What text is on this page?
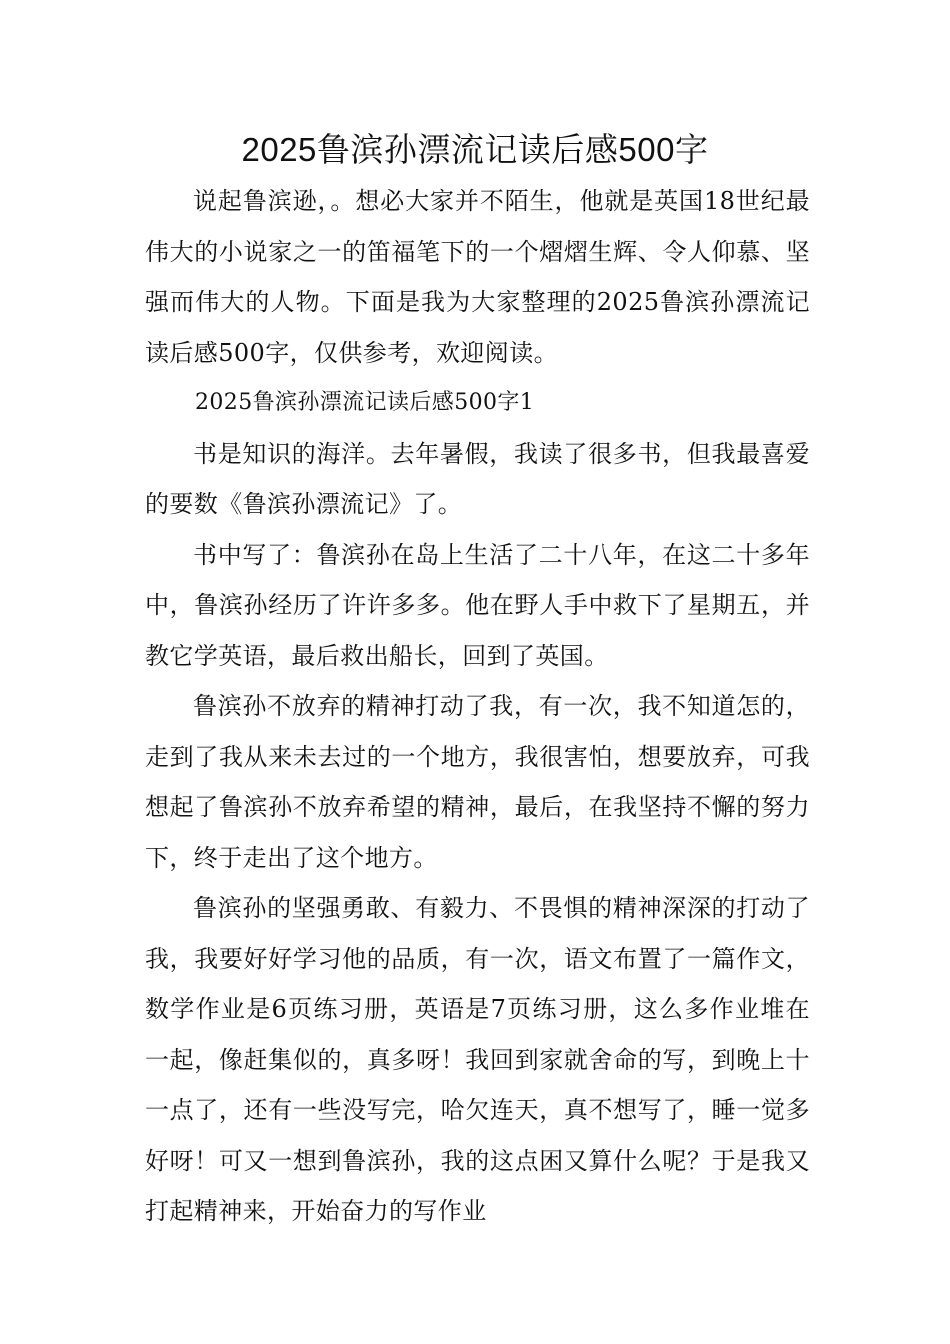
2025鲁滨孙漂流记读后感500字

说起鲁滨逊，。想必大家并不陌生，他就是英国18世纪最伟大的小说家之一的笛福笔下的一个熠熠生辉、令人仰慕、坚强而伟大的人物。下面是我为大家整理的2025鲁滨孙漂流记读后感500字，仅供参考，欢迎阅读。

2025鲁滨孙漂流记读后感500字1

书是知识的海洋。去年暑假，我读了很多书，但我最喜爱的要数《鲁滨孙漂流记》了。

书中写了：鲁滨孙在岛上生活了二十八年，在这二十多年中，鲁滨孙经历了许许多多。他在野人手中救下了星期五，并教它学英语，最后救出船长，回到了英国。

鲁滨孙不放弃的精神打动了我，有一次，我不知道怎的，走到了我从来未去过的一个地方，我很害怕，想要放弃，可我想起了鲁滨孙不放弃希望的精神，最后，在我坚持不懈的努力下，终于走出了这个地方。

鲁滨孙的坚强勇敢、有毅力、不畏惧的精神深深的打动了我，我要好好学习他的品质，有一次，语文布置了一篇作文，数学作业是6页练习册，英语是7页练习册，这么多作业堆在一起，像赶集似的，真多呀！我回到家就舍命的写，到晚上十一点了，还有一些没写完，哈欠连天，真不想写了，睡一觉多好呀！可又一想到鲁滨孙，我的这点困又算什么呢？于是我又打起精神来，开始奋力的写作业
